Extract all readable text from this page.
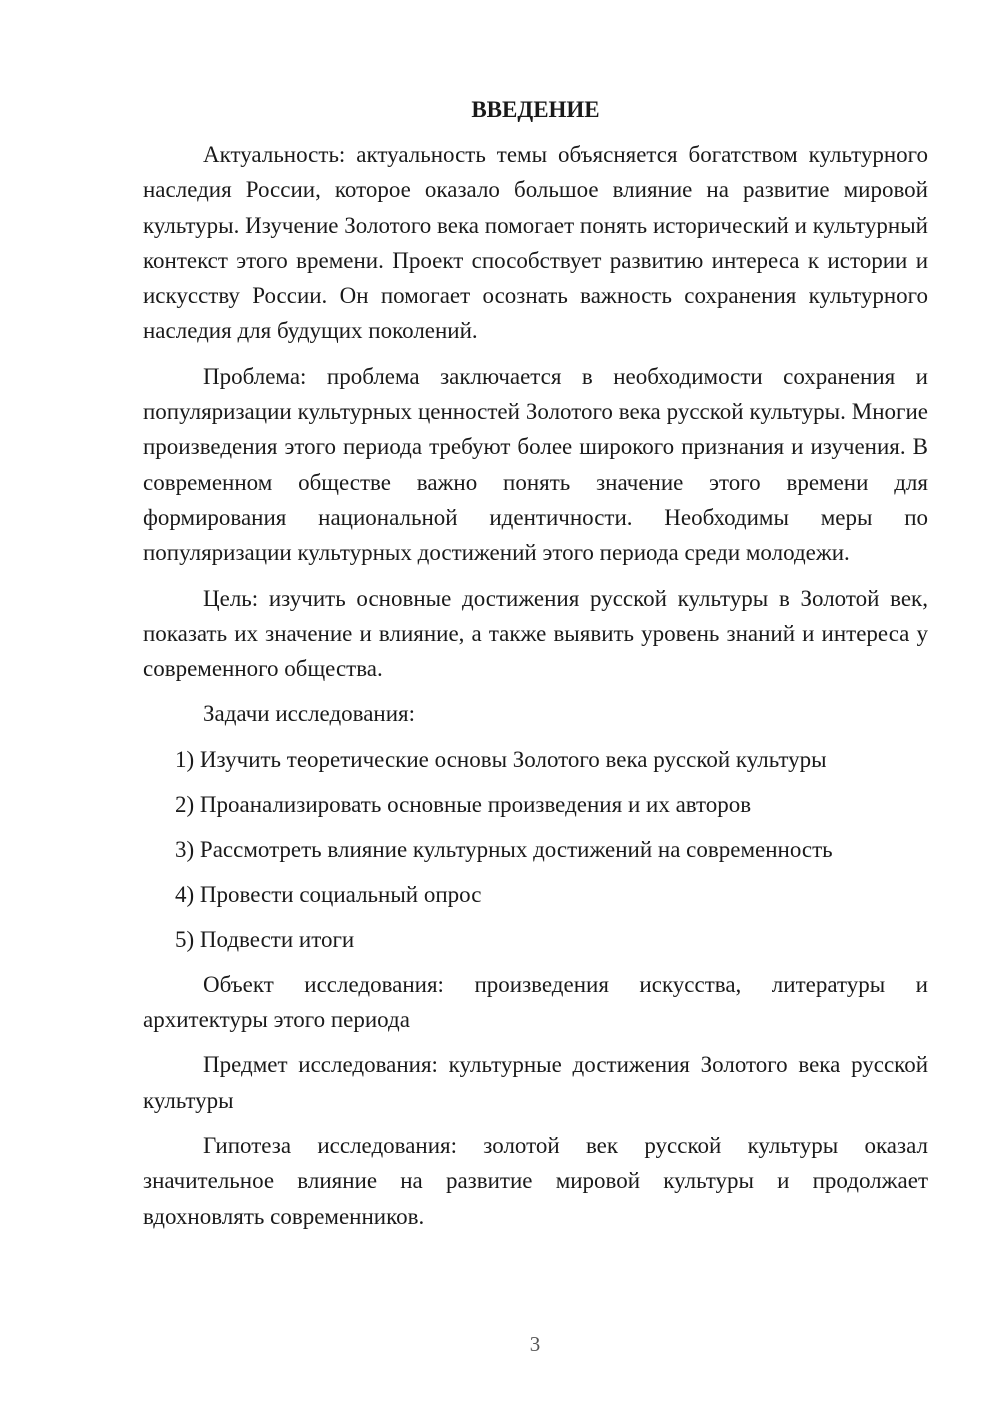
ВВЕДЕНИЕ

Актуальность: актуальность темы объясняется богатством культурного наследия России, которое оказало большое влияние на развитие мировой культуры. Изучение Золотого века помогает понять исторический и культурный контекст этого времени. Проект способствует развитию интереса к истории и искусству России. Он помогает осознать важность сохранения культурного наследия для будущих поколений.

Проблема: проблема заключается в необходимости сохранения и популяризации культурных ценностей Золотого века русской культуры. Многие произведения этого периода требуют более широкого признания и изучения. В современном обществе важно понять значение этого времени для формирования национальной идентичности. Необходимы меры по популяризации культурных достижений этого периода среди молодежи.

Цель: изучить основные достижения русской культуры в Золотой век, показать их значение и влияние, а также выявить уровень знаний и интереса у современного общества.

Задачи исследования:

1) Изучить теоретические основы Золотого века русской культуры

2) Проанализировать основные произведения и их авторов

3) Рассмотреть влияние культурных достижений на современность

4) Провести социальный опрос

5) Подвести итоги

Объект исследования: произведения искусства, литературы и архитектуры этого периода

Предмет исследования: культурные достижения Золотого века русской культуры

Гипотеза исследования: золотой век русской культуры оказал значительное влияние на развитие мировой культуры и продолжает вдохновлять современников.

3
